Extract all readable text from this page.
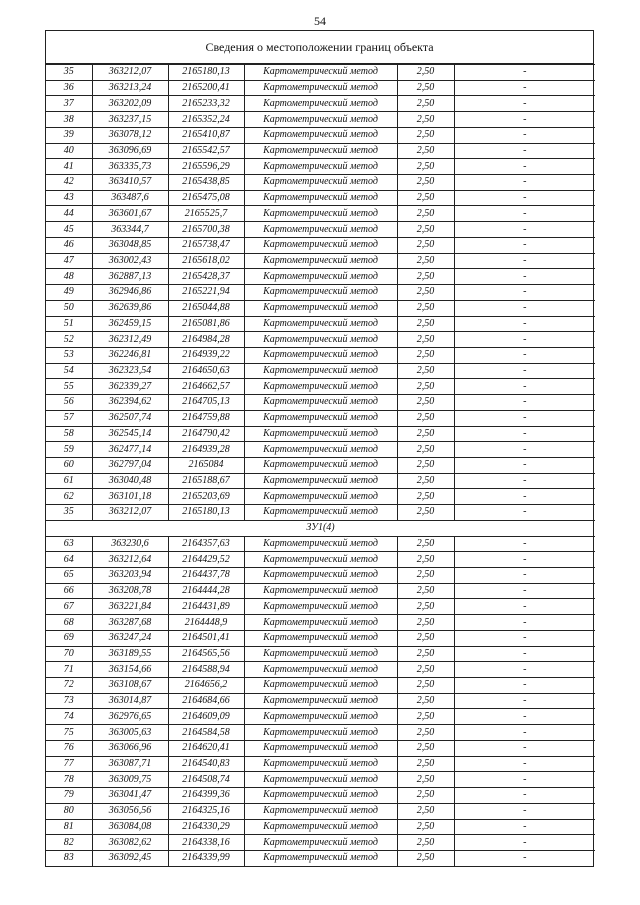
54
Сведения о местоположении границ объекта
35	363212,07	2165180,13	Картометрический метод	2,50	-
36	363213,24	2165200,41	Картометрический метод	2,50	-
37	363202,09	2165233,32	Картометрический метод	2,50	-
38	363237,15	2165352,24	Картометрический метод	2,50	-
39	363078,12	2165410,87	Картометрический метод	2,50	-
40	363096,69	2165542,57	Картометрический метод	2,50	-
41	363335,73	2165596,29	Картометрический метод	2,50	-
42	363410,57	2165438,85	Картометрический метод	2,50	-
43	363487,6	2165475,08	Картометрический метод	2,50	-
44	363601,67	2165525,7	Картометрический метод	2,50	-
45	363344,7	2165700,38	Картометрический метод	2,50	-
46	363048,85	2165738,47	Картометрический метод	2,50	-
47	363002,43	2165618,02	Картометрический метод	2,50	-
48	362887,13	2165428,37	Картометрический метод	2,50	-
49	362946,86	2165221,94	Картометрический метод	2,50	-
50	362639,86	2165044,88	Картометрический метод	2,50	-
51	362459,15	2165081,86	Картометрический метод	2,50	-
52	362312,49	2164984,28	Картометрический метод	2,50	-
53	362246,81	2164939,22	Картометрический метод	2,50	-
54	362323,54	2164650,63	Картометрический метод	2,50	-
55	362339,27	2164662,57	Картометрический метод	2,50	-
56	362394,62	2164705,13	Картометрический метод	2,50	-
57	362507,74	2164759,88	Картометрический метод	2,50	-
58	362545,14	2164790,42	Картометрический метод	2,50	-
59	362477,14	2164939,28	Картометрический метод	2,50	-
60	362797,04	2165084	Картометрический метод	2,50	-
61	363040,48	2165188,67	Картометрический метод	2,50	-
62	363101,18	2165203,69	Картометрический метод	2,50	-
35	363212,07	2165180,13	Картометрический метод	2,50	-
ЗУ1(4)					
63	363230,6	2164357,63	Картометрический метод	2,50	-
64	363212,64	2164429,52	Картометрический метод	2,50	-
65	363203,94	2164437,78	Картометрический метод	2,50	-
66	363208,78	2164444,28	Картометрический метод	2,50	-
67	363221,84	2164431,89	Картометрический метод	2,50	-
68	363287,68	2164448,9	Картометрический метод	2,50	-
69	363247,24	2164501,41	Картометрический метод	2,50	-
70	363189,55	2164565,56	Картометрический метод	2,50	-
71	363154,66	2164588,94	Картометрический метод	2,50	-
72	363108,67	2164656,2	Картометрический метод	2,50	-
73	363014,87	2164684,66	Картометрический метод	2,50	-
74	362976,65	2164609,09	Картометрический метод	2,50	-
75	363005,63	2164584,58	Картометрический метод	2,50	-
76	363066,96	2164620,41	Картометрический метод	2,50	-
77	363087,71	2164540,83	Картометрический метод	2,50	-
78	363009,75	2164508,74	Картометрический метод	2,50	-
79	363041,47	2164399,36	Картометрический метод	2,50	-
80	363056,56	2164325,16	Картометрический метод	2,50	-
81	363084,08	2164330,29	Картометрический метод	2,50	-
82	363082,62	2164338,16	Картометрический метод	2,50	-
83	363092,45	2164339,99	Картометрический метод	2,50	-
